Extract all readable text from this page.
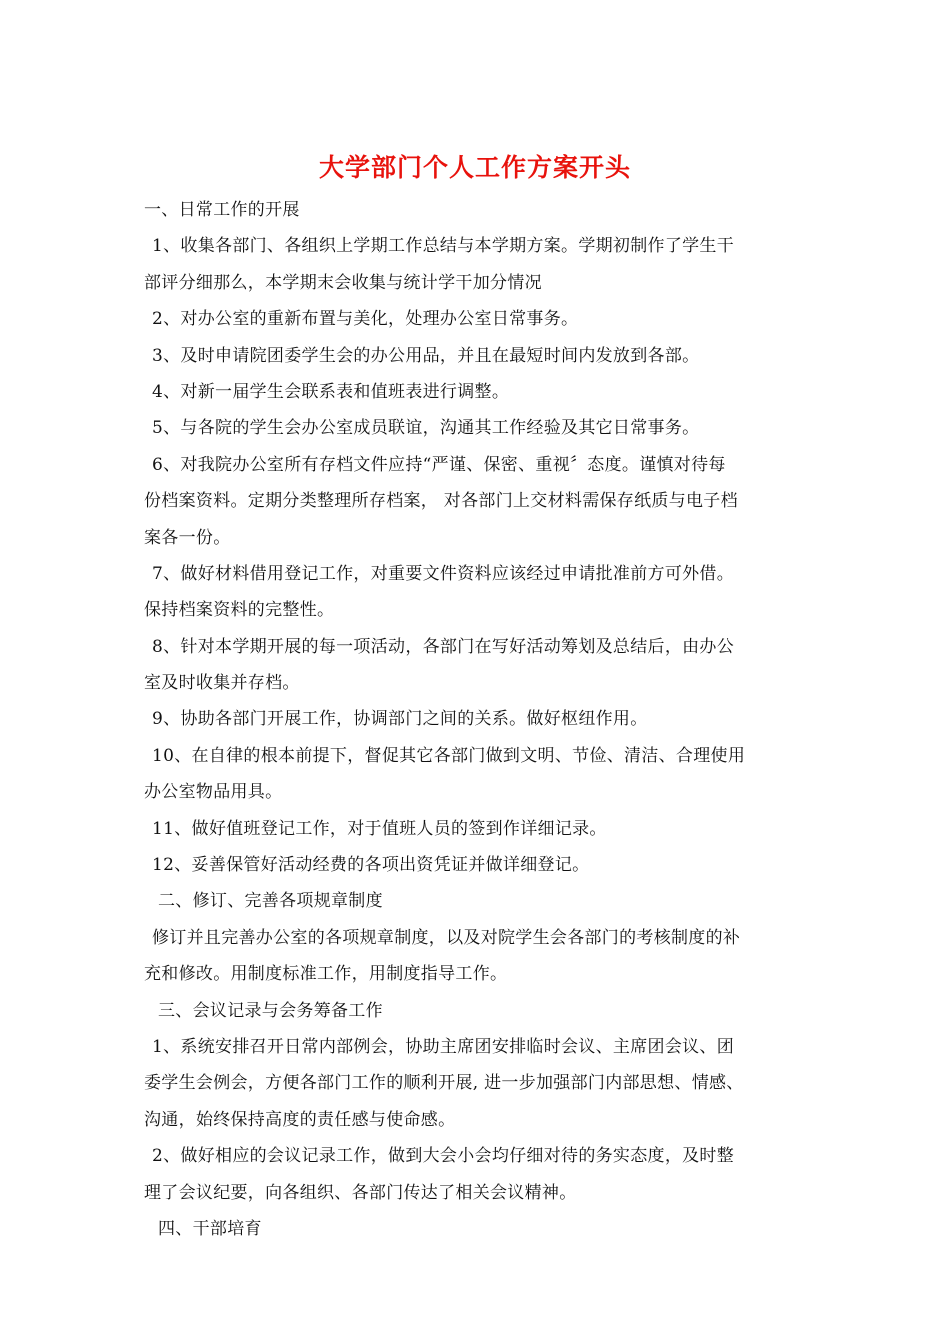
大学部门个人工作方案开头
一、日常工作的开展
1、收集各部门、各组织上学期工作总结与本学期方案。学期初制作了学生干
部评分细那么，本学期末会收集与统计学干加分情况
2、对办公室的重新布置与美化，处理办公室日常事务。
3、及时申请院团委学生会的办公用品，并且在最短时间内发放到各部。
4、对新一届学生会联系表和值班表进行调整。
5、与各院的学生会办公室成员联谊，沟通其工作经验及其它日常事务。
6、对我院办公室所有存档文件应持“严谨、保密、重视〞态度。谨慎对待每
份档案资料。定期分类整理所存档案， 对各部门上交材料需保存纸质与电子档
案各一份。
7、做好材料借用登记工作，对重要文件资料应该经过申请批准前方可外借。
保持档案资料的完整性。
8、针对本学期开展的每一项活动，各部门在写好活动筹划及总结后，由办公
室及时收集并存档。
9、协助各部门开展工作，协调部门之间的关系。做好枢纽作用。
10、在自律的根本前提下，督促其它各部门做到文明、节俭、清洁、合理使用
办公室物品用具。
11、做好值班登记工作，对于值班人员的签到作详细记录。
12、妥善保管好活动经费的各项出资凭证并做详细登记。
二、修订、完善各项规章制度
修订并且完善办公室的各项规章制度，以及对院学生会各部门的考核制度的补
充和修改。用制度标准工作，用制度指导工作。
三、会议记录与会务筹备工作
1、系统安排召开日常内部例会，协助主席团安排临时会议、主席团会议、团
委学生会例会，方便各部门工作的顺利开展, 进一步加强部门内部思想、情感、
沟通，始终保持高度的责任感与使命感。
2、做好相应的会议记录工作，做到大会小会均仔细对待的务实态度，及时整
理了会议纪要，向各组织、各部门传达了相关会议精神。
四、干部培育
